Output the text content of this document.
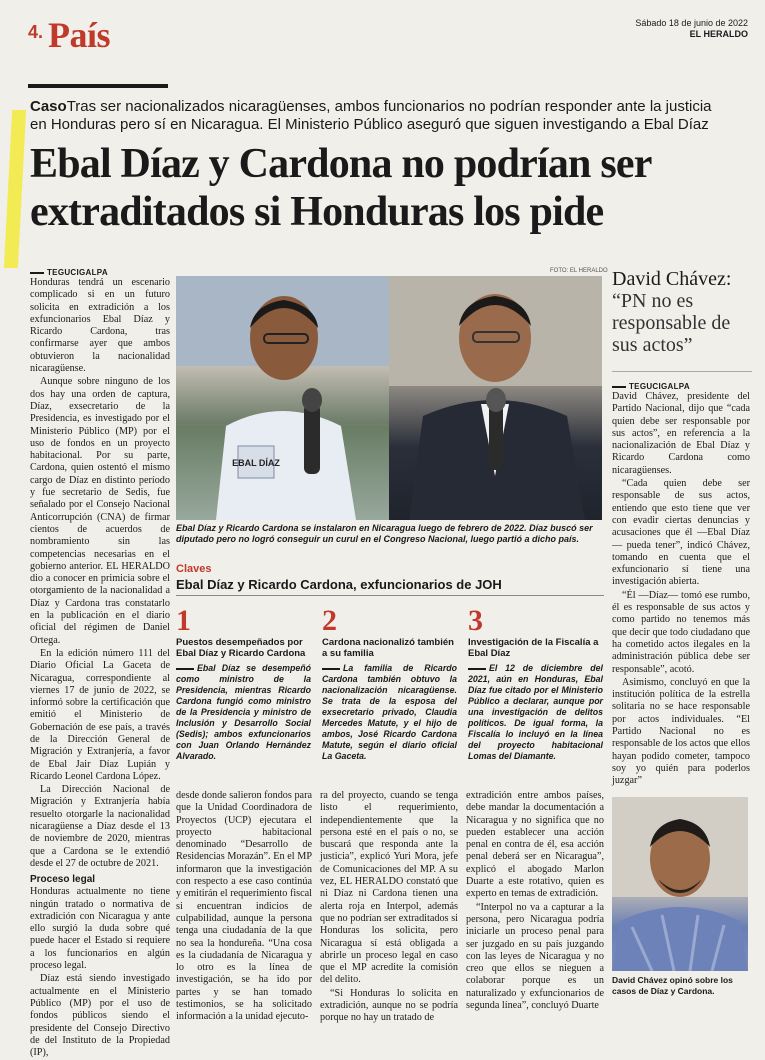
4. País	Sábado 18 de junio de 2022
EL HERALDO
CasoTras ser nacionalizados nicaragüenses, ambos funcionarios no podrían responder ante la justicia en Honduras pero sí en Nicaragua. El Ministerio Público aseguró que siguen investigando a Ebal Díaz
Ebal Díaz y Cardona no podrían ser extraditados si Honduras los pide
TEGUCIGALPA

Honduras tendrá un escenario complicado si en un futuro solicita en extradición a los exfuncionarios Ebal Díaz y Ricardo Cardona, tras confirmarse ayer que ambos obtuvieron la nacionalidad nicaragüense.

Aunque sobre ninguno de los dos hay una orden de captura, Díaz, exsecretario de la Presidencia, es investigado por el Ministerio Público (MP) por el uso de fondos en un proyecto habitacional. Por su parte, Cardona, quien ostentó el mismo cargo de Díaz en distinto período y fue secretario de Sedis, fue señalado por el Consejo Nacional Anticorrupción (CNA) de firmar cientos de acuerdos de nombramiento sin las competencias necesarias en el gobierno anterior. EL HERALDO dio a conocer en primicia sobre el otorgamiento de la nacionalidad a Díaz y Cardona tras constatarlo en la publicación en el diario oficial del régimen de Daniel Ortega.

En la edición número 111 del Diario Oficial La Gaceta de Nicaragua, correspondiente al viernes 17 de junio de 2022, se informó sobre la certificación que emitió el Ministerio de Gobernación de ese país, a través de la Dirección General de Migración y Extranjería, a favor de Ebal Jair Díaz Lupián y Ricardo Leonel Cardona López.

La Dirección Nacional de Migración y Extranjería había resuelto otorgarle la nacionalidad nicaragüense a Díaz desde el 13 de noviembre de 2020, mientras que a Cardona se le extendió desde el 27 de octubre de 2021.

Proceso legal

Honduras actualmente no tiene ningún tratado o normativa de extradición con Nicaragua y ante ello surgió la duda sobre qué puede hacer el Estado si requiere a los funcionarios en algún proceso legal.

Díaz está siendo investigado actualmente en el Ministerio Público (MP) por el uso de fondos públicos siendo el presidente del Consejo Directivo de del Instituto de la Propiedad (IP),

FOTO: EL HERALDO
EBAL DÍAZ
Ebal Díaz y Ricardo Cardona se instalaron en Nicaragua luego de febrero de 2022. Díaz buscó ser diputado pero no logró conseguir un curul en el Congreso Nacional, luego partió a dicho país.
Claves
Ebal Díaz y Ricardo Cardona, exfuncionarios de JOH
1
Puestos desempeñados por Ebal Díaz y Ricardo Cardona
Ebal Díaz se desempeñó como ministro de la Presidencia, mientras Ricardo Cardona fungió como ministro de la Presidencia y ministro de Inclusión y Desarrollo Social (Sedis); ambos exfuncionarios con Juan Orlando Hernández Alvarado.
2
Cardona nacionalizó también a su familia
La familia de Ricardo Cardona también obtuvo la nacionalización nicaragüense. Se trata de la esposa del exsecretario privado, Claudia Mercedes Matute, y el hijo de ambos, José Ricardo Cardona Matute, según el diario oficial La Gaceta.
3
Investigación de la Fiscalía a Ebal Díaz
El 12 de diciembre del 2021, aún en Honduras, Ebal Díaz fue citado por el Ministerio Público a declarar, aunque por una investigación de delitos políticos. De igual forma, la Fiscalía lo incluyó en la línea del proyecto habitacional Lomas del Diamante.

desde donde salieron fondos para que la Unidad Coordinadora de Proyectos (UCP) ejecutara el proyecto habitacional denominado “Desarrollo de Residencias Morazán”. En el MP informaron que la investigación con respecto a ese caso continúa y emitirán el requerimiento fiscal si encuentran indicios de culpabilidad, aunque la persona tenga una ciudadanía de la que no sea la hondureña. “Una cosa es la ciudadanía de Nicaragua y lo otro es la línea de investigación, se ha ido por partes y se han tomado testimonios, se ha solicitado información a la unidad ejecuto-

ra del proyecto, cuando se tenga listo el requerimiento, independientemente que la persona esté en el país o no, se buscará que responda ante la justicia”, explicó Yuri Mora, jefe de Comunicaciones del MP. A su vez, EL HERALDO constató que ni Díaz ni Cardona tienen una alerta roja en Interpol, además que no podrían ser extraditados si Honduras los solicita, pero Nicaragua sí está obligada a abrirle un proceso legal en caso que el MP acredite la comisión del delito.

“Si Honduras lo solicita en extradición, aunque no se podría porque no hay un tratado de

extradición entre ambos países, debe mandar la documentación a Nicaragua y no significa que no pueden establecer una acción penal en contra de él, esa acción penal deberá ser en Nicaragua”, explicó el abogado Marlon Duarte a este rotativo, quien es experto en temas de extradición.

“Interpol no va a capturar a la persona, pero Nicaragua podría iniciarle un proceso penal para ser juzgado en su país juzgando con las leyes de Nicaragua y no creo que ellos se nieguen a colaborar porque es un naturalizado y exfuncionarios de segunda línea”, concluyó Duarte

David Chávez:
“PN no es responsable de sus actos”
TEGUCIGALPA

David Chávez, presidente del Partido Nacional, dijo que “cada quien debe ser responsable por sus actos”, en referencia a la nacionalización de Ebal Díaz y Ricardo Cardona como nicaragüenses.

“Cada quien debe ser responsable de sus actos, entiendo que esto tiene que ver con evadir ciertas denuncias y acusaciones que él —Ebal Díaz— pueda tener”, indicó Chávez, tomando en cuenta que el exfuncionario sí tiene una investigación abierta.

“Él —Díaz— tomó ese rumbo, él es responsable de sus actos y como partido no tenemos más que decir que todo ciudadano que ha cometido actos ilegales en la administración pública debe ser responsable”, acotó.

Asimismo, concluyó en que la institución política de la estrella solitaria no se hace responsable por actos individuales. “El Partido Nacional no es responsable de los actos que ellos hayan podido cometer, tampoco soy yo quién para poderlos juzgar”

David Chávez opinó sobre los casos de Díaz y Cardona.
